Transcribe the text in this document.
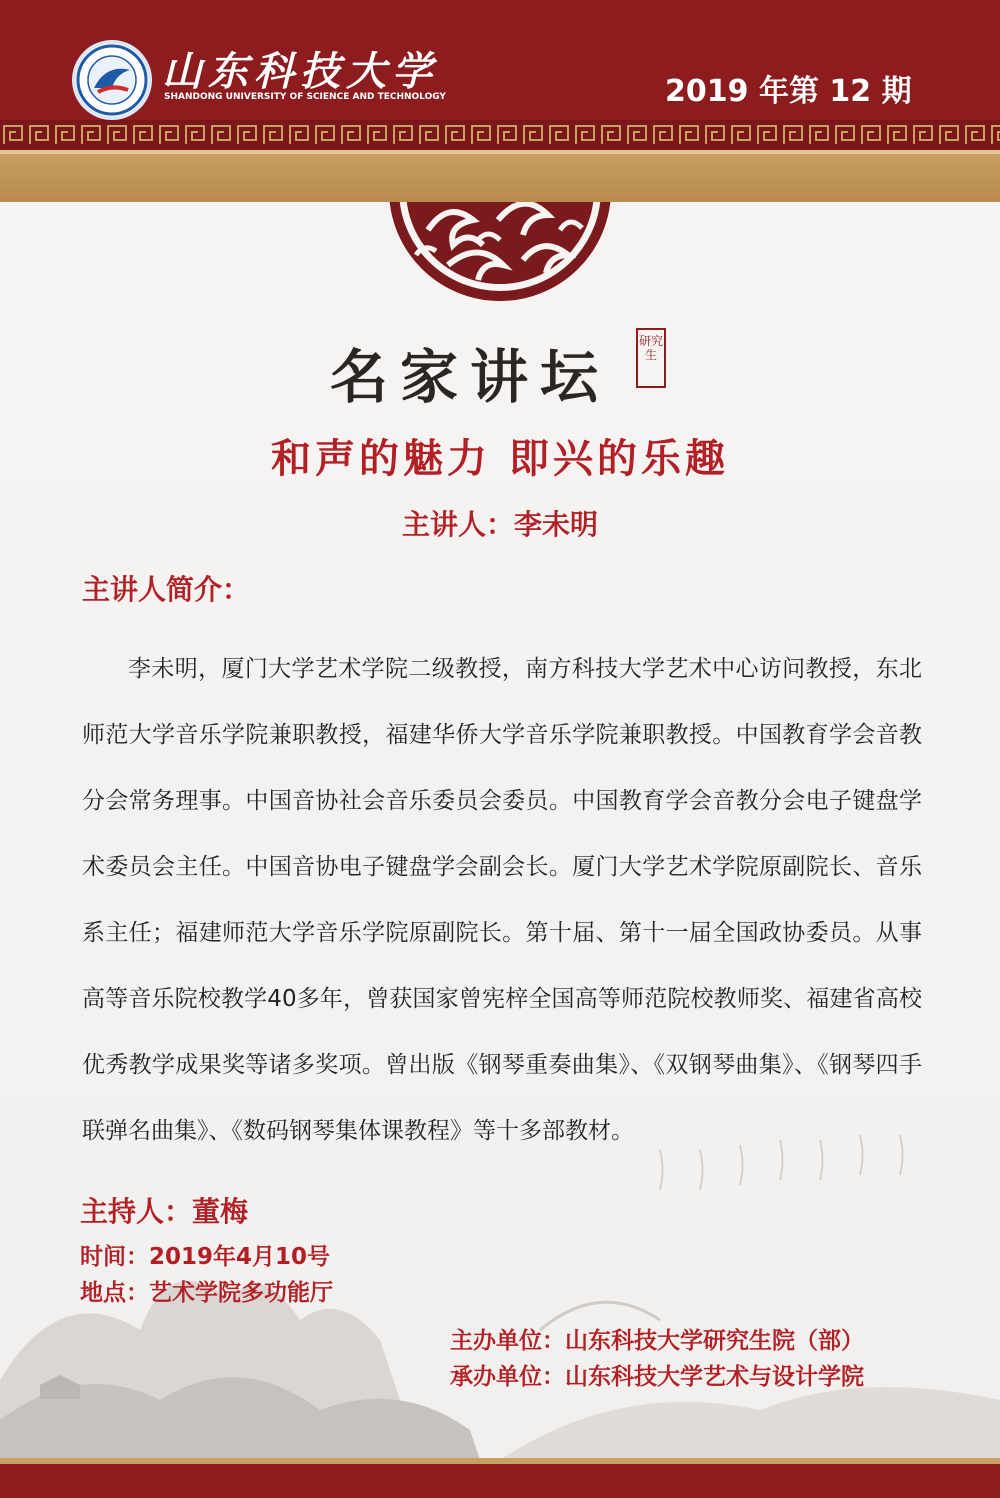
山东科技大学
SHANDONG UNIVERSITY OF SCIENCE AND TECHNOLOGY	2019 年第 12 期
名家讲坛
研究生
和声的魅力 即兴的乐趣
主讲人：李未明
主讲人简介：

李未明，厦门大学艺术学院二级教授，南方科技大学艺术中心访问教授，东北师范大学音乐学院兼职教授，福建华侨大学音乐学院兼职教授。中国教育学会音教分会常务理事。中国音协社会音乐委员会委员。中国教育学会音教分会电子键盘学术委员会主任。中国音协电子键盘学会副会长。厦门大学艺术学院原副院长、音乐系主任；福建师范大学音乐学院原副院长。第十届、第十一届全国政协委员。从事高等音乐院校教学40多年，曾获国家曾宪梓全国高等师范院校教师奖、福建省高校优秀教学成果奖等诸多奖项。曾出版《钢琴重奏曲集》、《双钢琴曲集》、《钢琴四手联弹名曲集》、《数码钢琴集体课教程》等十多部教材。

主持人：董梅
时间：2019年4月10号
地点：艺术学院多功能厅
主办单位：山东科技大学研究生院（部）
承办单位：山东科技大学艺术与设计学院
